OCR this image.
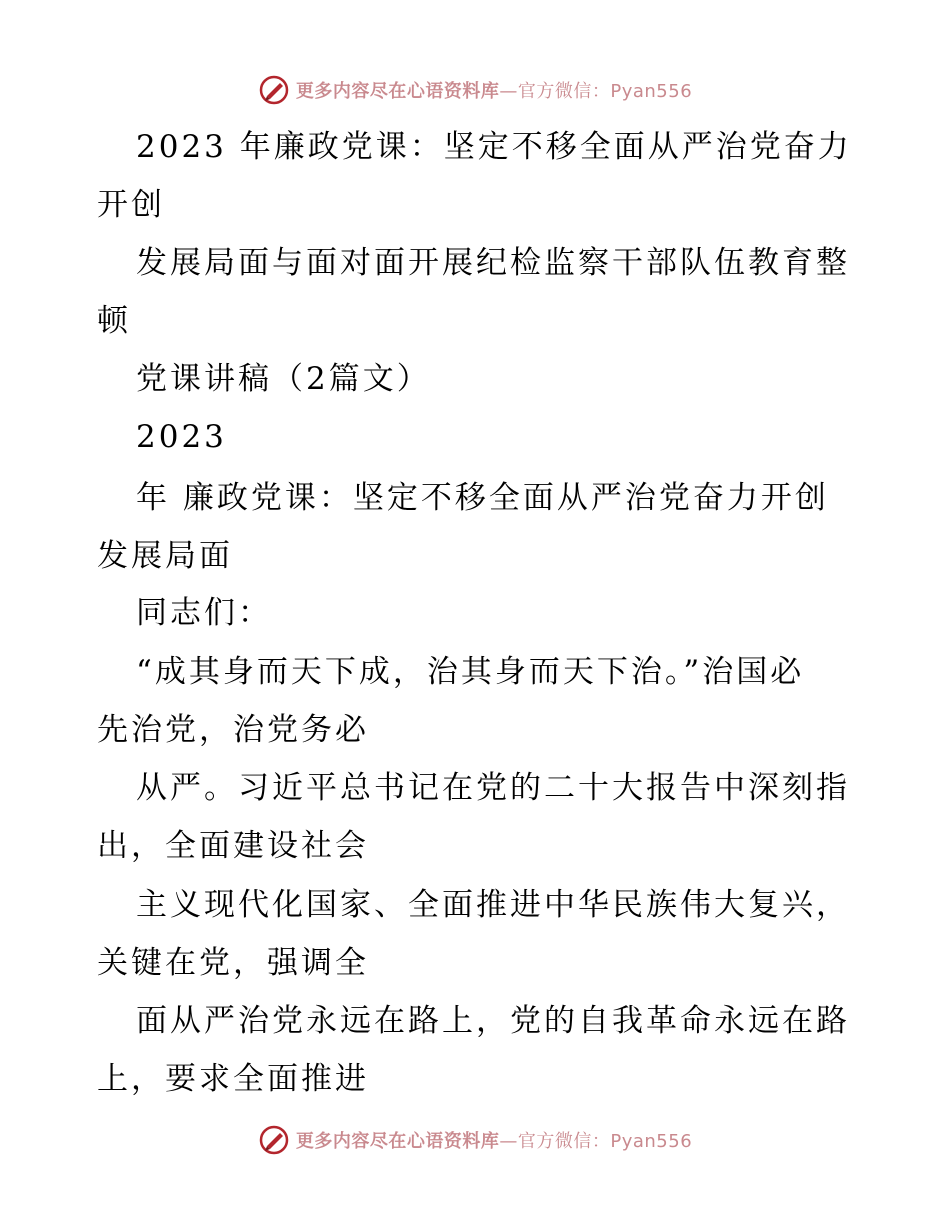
更多内容尽在心语资料库—官方微信：Pyan556
2023 年廉政党课：坚定不移全面从严治党奋力
开创
发展局面与面对面开展纪检监察干部队伍教育整
顿
党课讲稿（2篇文）
2023
年 廉政党课：坚定不移全面从严治党奋力开创
发展局面
同志们：
“成其身而天下成，治其身而天下治。”治国必
先治党，治党务必
从严。习近平总书记在党的二十大报告中深刻指
出，全面建设社会
主义现代化国家、全面推进中华民族伟大复兴，
关键在党，强调全
面从严治党永远在路上，党的自我革命永远在路
上，要求全面推进
更多内容尽在心语资料库—官方微信：Pyan556
